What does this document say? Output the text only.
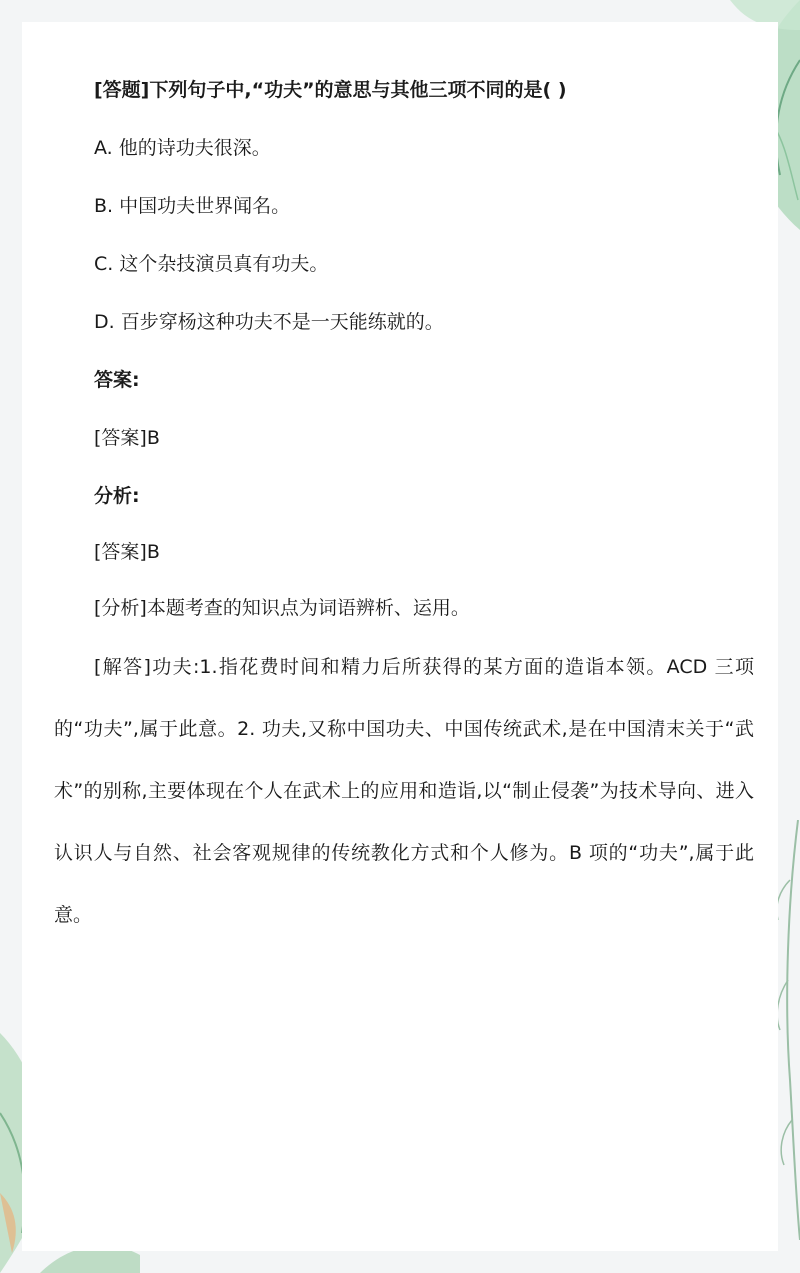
[答题]下列句子中,“功夫”的意思与其他三项不同的是( )

A. 他的诗功夫很深。

B. 中国功夫世界闻名。

C. 这个杂技演员真有功夫。

D. 百步穿杨这种功夫不是一天能练就的。

答案:

[答案]B

分析:

[答案]B

[分析]本题考查的知识点为词语辨析、运用。

[解答]功夫:1.指花费时间和精力后所获得的某方面的造诣本领。ACD 三项的“功夫”,属于此意。2. 功夫,又称中国功夫、中国传统武术,是在中国清末关于“武术”的别称,主要体现在个人在武术上的应用和造诣,以“制止侵袭”为技术导向、进入认识人与自然、社会客观规律的传统教化方式和个人修为。B 项的“功夫”,属于此意。
